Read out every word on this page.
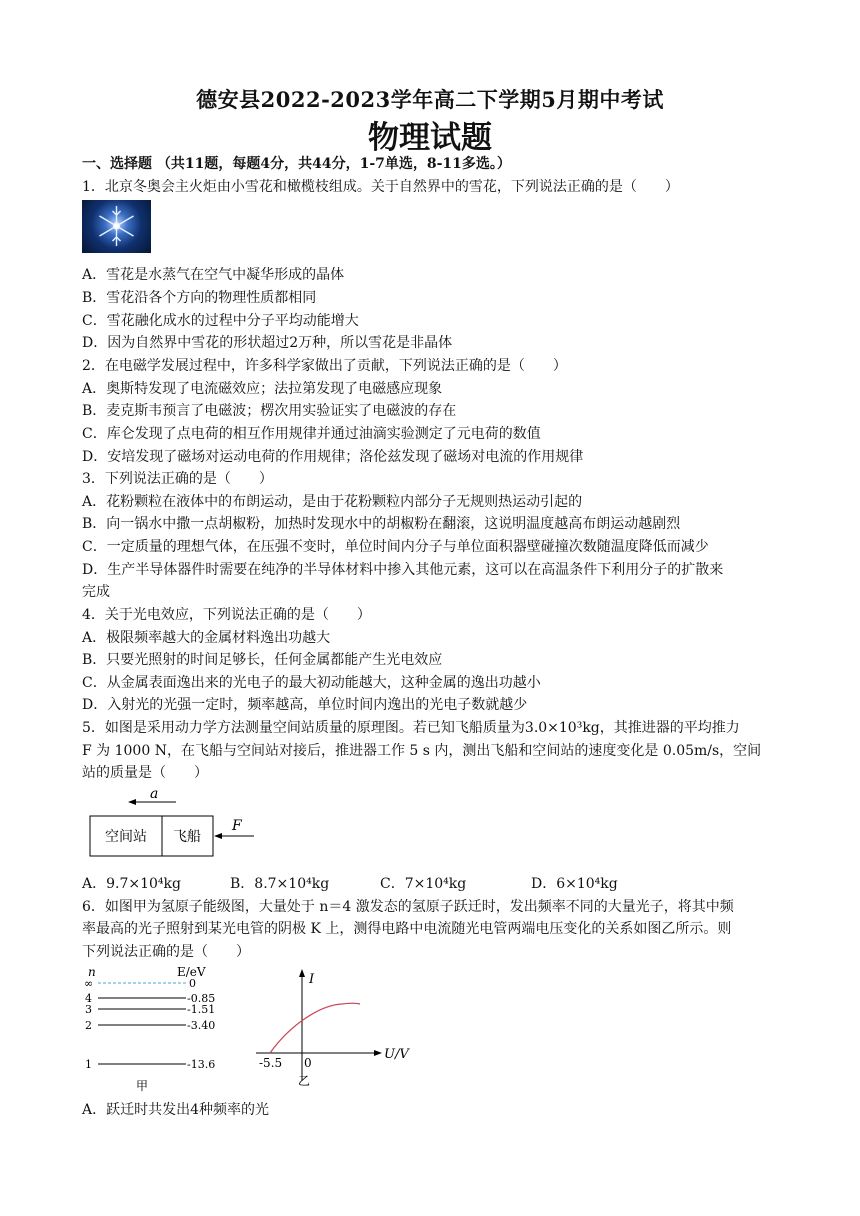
德安县2022-2023学年高二下学期5月期中考试
物理试题
一、选择题 （共11题，每题4分，共44分，1-7单选，8-11多选。）
1．北京冬奥会主火炬由小雪花和橄榄枝组成。关于自然界中的雪花，下列说法正确的是（　　）
A．雪花是水蒸气在空气中凝华形成的晶体
B．雪花沿各个方向的物理性质都相同
C．雪花融化成水的过程中分子平均动能增大
D．因为自然界中雪花的形状超过2万种，所以雪花是非晶体
2．在电磁学发展过程中，许多科学家做出了贡献，下列说法正确的是（　　）
A．奥斯特发现了电流磁效应；法拉第发现了电磁感应现象
B．麦克斯韦预言了电磁波；楞次用实验证实了电磁波的存在
C．库仑发现了点电荷的相互作用规律并通过油滴实验测定了元电荷的数值
D．安培发现了磁场对运动电荷的作用规律；洛伦兹发现了磁场对电流的作用规律
3．下列说法正确的是（　　）
A．花粉颗粒在液体中的布朗运动，是由于花粉颗粒内部分子无规则热运动引起的
B．向一锅水中撒一点胡椒粉，加热时发现水中的胡椒粉在翻滚，这说明温度越高布朗运动越剧烈
C．一定质量的理想气体，在压强不变时，单位时间内分子与单位面积器壁碰撞次数随温度降低而减少
D．生产半导体器件时需要在纯净的半导体材料中掺入其他元素，这可以在高温条件下利用分子的扩散来
完成
4．关于光电效应，下列说法正确的是（　　）
A．极限频率越大的金属材料逸出功越大
B．只要光照射的时间足够长，任何金属都能产生光电效应
C．从金属表面逸出来的光电子的最大初动能越大，这种金属的逸出功越小
D．入射光的光强一定时，频率越高，单位时间内逸出的光电子数就越少
5．如图是采用动力学方法测量空间站质量的原理图。若已知飞船质量为3.0×10³kg，其推进器的平均推力
F 为 1000 N，在飞船与空间站对接后，推进器工作 5 s 内，测出飞船和空间站的速度变化是 0.05m/s，空间
站的质量是（　　）
a
空间站 飞船
F
A．9.7×10⁴kg	B．8.7×10⁴kg	C．7×10⁴kg	D．6×10⁴kg
6．如图甲为氢原子能级图，大量处于 n＝4 激发态的氢原子跃迁时，发出频率不同的大量光子，将其中频
率最高的光子照射到某光电管的阴极 K 上，测得电路中电流随光电管两端电压变化的关系如图乙所示。则
下列说法正确的是（　　）
n	E/eV
∞	0
4	-0.85
3	-1.51
2	-3.40
1	-13.6
甲
I
U/V
-5.5 0
乙
A．跃迁时共发出4种频率的光
